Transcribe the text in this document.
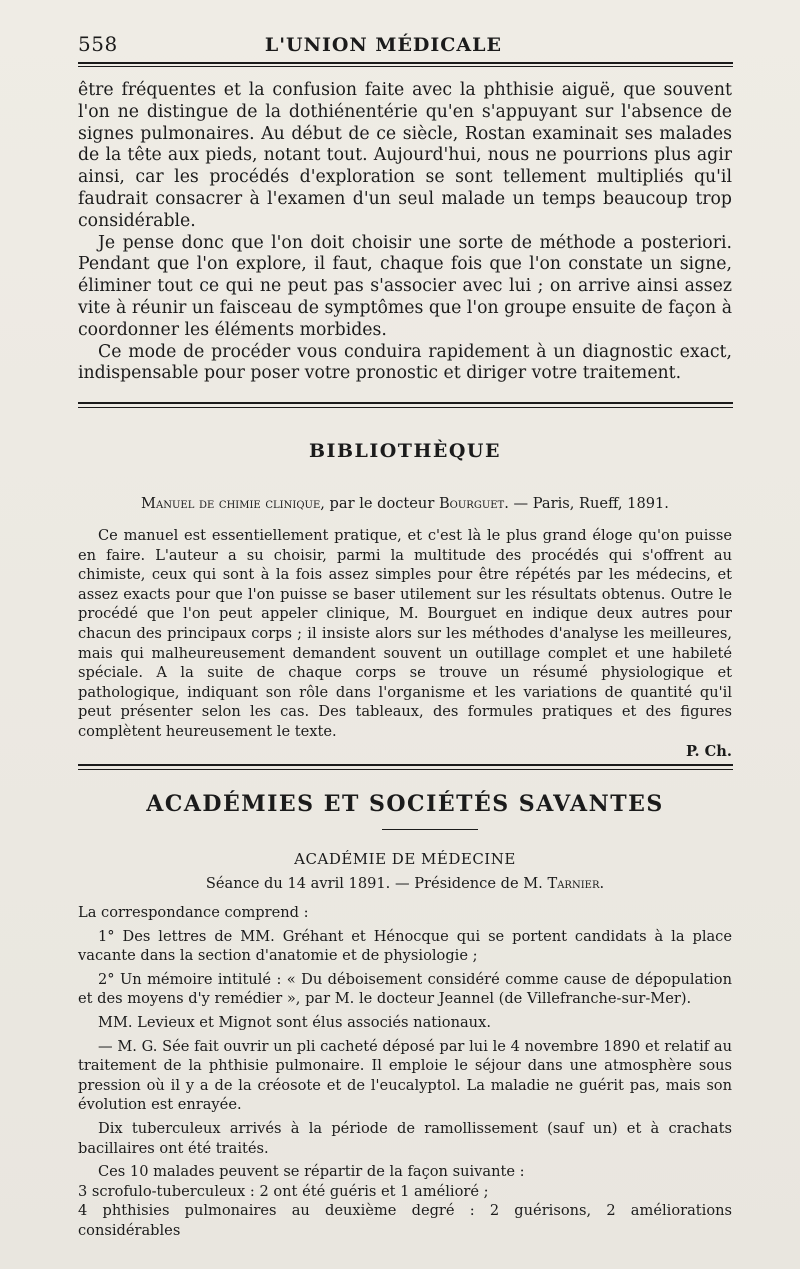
558	L'UNION MÉDICALE

être fréquentes et la confusion faite avec la phthisie aiguë, que souvent l'on ne distingue de la dothiénentérie qu'en s'appuyant sur l'absence de signes pulmonaires. Au début de ce siècle, Rostan examinait ses malades de la tête aux pieds, notant tout. Aujourd'hui, nous ne pourrions plus agir ainsi, car les procédés d'exploration se sont tellement multipliés qu'il faudrait consacrer à l'examen d'un seul malade un temps beaucoup trop considérable.

Je pense donc que l'on doit choisir une sorte de méthode a posteriori. Pendant que l'on explore, il faut, chaque fois que l'on constate un signe, éliminer tout ce qui ne peut pas s'associer avec lui ; on arrive ainsi assez vite à réunir un faisceau de symptômes que l'on groupe ensuite de façon à coordonner les éléments morbides.

Ce mode de procéder vous conduira rapidement à un diagnostic exact, indispensable pour poser votre pronostic et diriger votre traitement.

BIBLIOTHÈQUE
Manuel de chimie clinique, par le docteur Bourguet. — Paris, Rueff, 1891.

Ce manuel est essentiellement pratique, et c'est là le plus grand éloge qu'on puisse en faire. L'auteur a su choisir, parmi la multitude des procédés qui s'offrent au chimiste, ceux qui sont à la fois assez simples pour être répétés par les médecins, et assez exacts pour que l'on puisse se baser utilement sur les résultats obtenus. Outre le procédé que l'on peut appeler clinique, M. Bourguet en indique deux autres pour chacun des principaux corps ; il insiste alors sur les méthodes d'analyse les meilleures, mais qui malheureusement demandent souvent un outillage complet et une habileté spéciale. A la suite de chaque corps se trouve un résumé physiologique et pathologique, indiquant son rôle dans l'organisme et les variations de quantité qu'il peut présenter selon les cas. Des tableaux, des formules pratiques et des figures complètent heureusement le texte.

P. Ch.

ACADÉMIES ET SOCIÉTÉS SAVANTES
ACADÉMIE DE MÉDECINE
Séance du 14 avril 1891. — Présidence de M. Tarnier.

La correspondance comprend :

1° Des lettres de MM. Gréhant et Hénocque qui se portent candidats à la place vacante dans la section d'anatomie et de physiologie ;

2° Un mémoire intitulé : « Du déboisement considéré comme cause de dépopulation et des moyens d'y remédier », par M. le docteur Jeannel (de Villefranche-sur-Mer).

MM. Levieux et Mignot sont élus associés nationaux.

— M. G. Sée fait ouvrir un pli cacheté déposé par lui le 4 novembre 1890 et relatif au traitement de la phthisie pulmonaire. Il emploie le séjour dans une atmosphère sous pression où il y a de la créosote et de l'eucalyptol. La maladie ne guérit pas, mais son évolution est enrayée.

Dix tuberculeux arrivés à la période de ramollissement (sauf un) et à crachats bacillaires ont été traités.

Ces 10 malades peuvent se répartir de la façon suivante :

3 scrofulo-tuberculeux : 2 ont été guéris et 1 amélioré ;

4 phthisies pulmonaires au deuxième degré : 2 guérisons, 2 améliorations considérables
